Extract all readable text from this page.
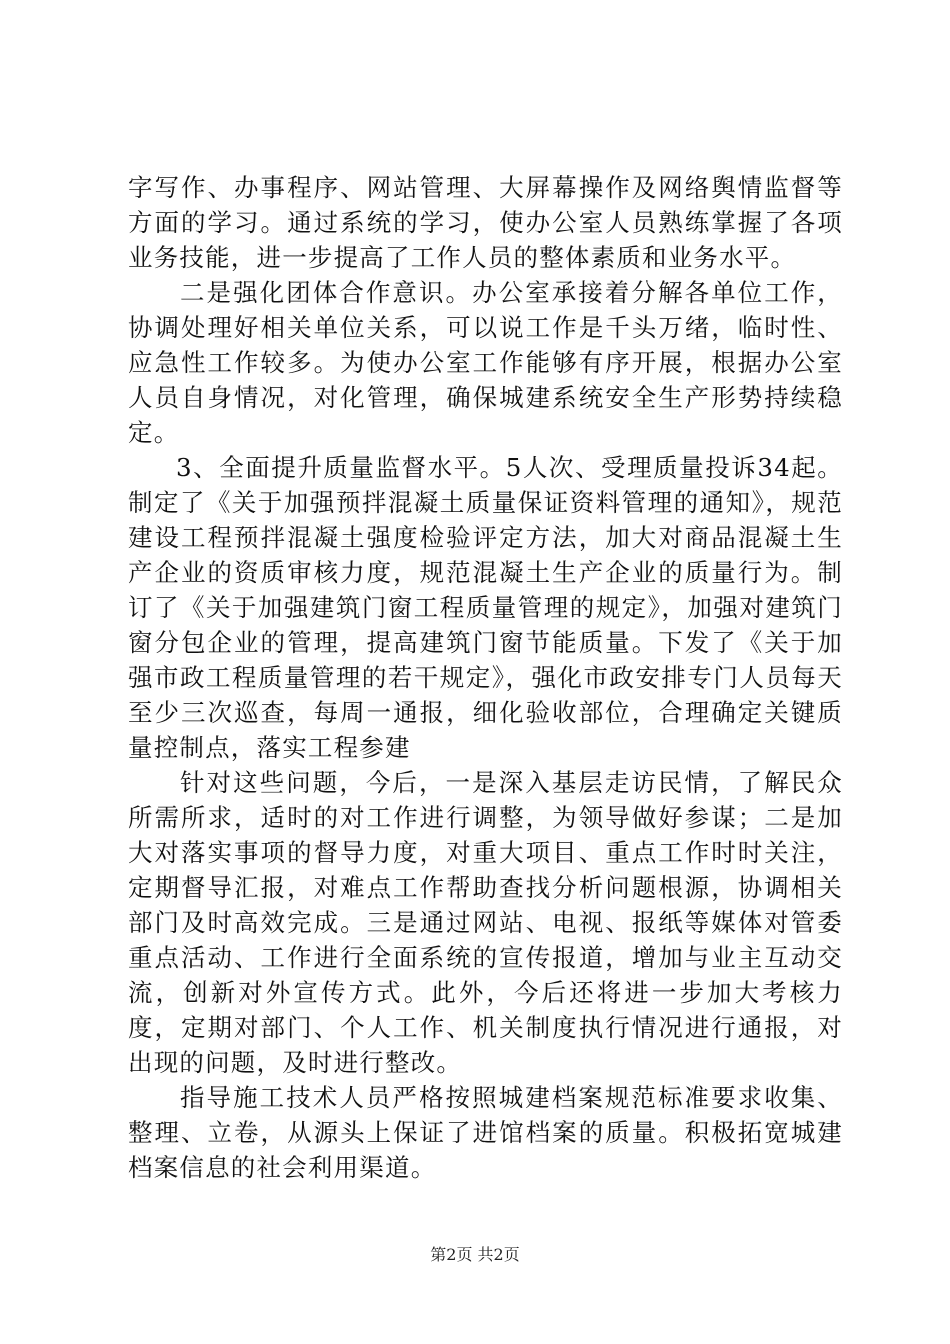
字写作、办事程序、网站管理、大屏幕操作及网络舆情监督等方面的学习。通过系统的学习，使办公室人员熟练掌握了各项业务技能，进一步提高了工作人员的整体素质和业务水平。

二是强化团体合作意识。办公室承接着分解各单位工作，协调处理好相关单位关系，可以说工作是千头万绪，临时性、应急性工作较多。为使办公室工作能够有序开展，根据办公室人员自身情况，对化管理，确保城建系统安全生产形势持续稳定。

3、全面提升质量监督水平。5人次、受理质量投诉34起。制定了《关于加强预拌混凝土质量保证资料管理的通知》，规范建设工程预拌混凝土强度检验评定方法，加大对商品混凝土生产企业的资质审核力度，规范混凝土生产企业的质量行为。制订了《关于加强建筑门窗工程质量管理的规定》，加强对建筑门窗分包企业的管理，提高建筑门窗节能质量。下发了《关于加强市政工程质量管理的若干规定》，强化市政安排专门人员每天至少三次巡查，每周一通报，细化验收部位，合理确定关键质量控制点，落实工程参建

针对这些问题，今后，一是深入基层走访民情，了解民众所需所求，适时的对工作进行调整，为领导做好参谋；二是加大对落实事项的督导力度，对重大项目、重点工作时时关注，定期督导汇报，对难点工作帮助查找分析问题根源，协调相关部门及时高效完成。三是通过网站、电视、报纸等媒体对管委重点活动、工作进行全面系统的宣传报道，增加与业主互动交流，创新对外宣传方式。此外，今后还将进一步加大考核力度，定期对部门、个人工作、机关制度执行情况进行通报，对出现的问题，及时进行整改。

指导施工技术人员严格按照城建档案规范标准要求收集、整理、立卷，从源头上保证了进馆档案的质量。积极拓宽城建档案信息的社会利用渠道。

第2页 共2页
